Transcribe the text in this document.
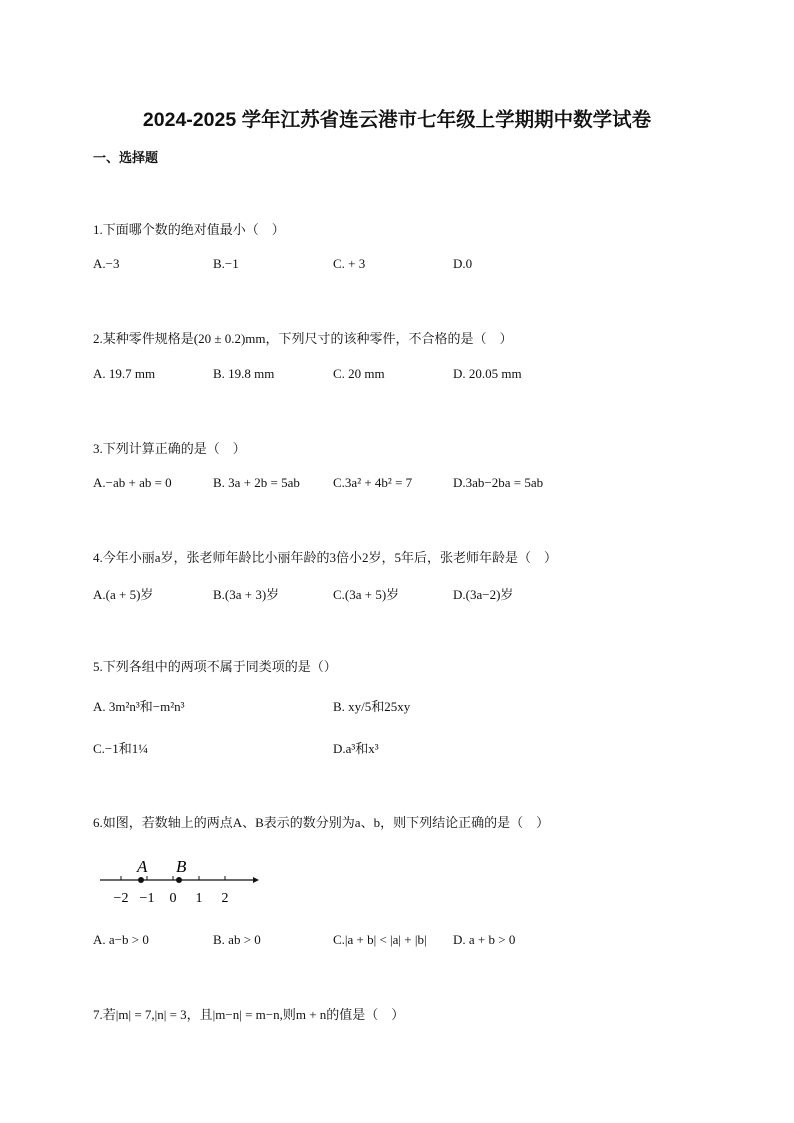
2024-2025 学年江苏省连云港市七年级上学期期中数学试卷
一、选择题
1.下面哪个数的绝对值最小（　）
A.−3	B.−1	C. + 3	D.0
2.某种零件规格是(20 ± 0.2)mm，下列尺寸的该种零件，不合格的是（　）
A. 19.7 mm	B. 19.8 mm	C. 20 mm	D. 20.05 mm
3.下列计算正确的是（　）
A.−ab + ab = 0	B. 3a + 2b = 5ab	C.3a² + 4b² = 7	D.3ab−2ba = 5ab
4.今年小丽a岁，张老师年龄比小丽年龄的3倍小2岁，5年后，张老师年龄是（　）
A.(a + 5)岁	B.(3a + 3)岁	C.(3a + 5)岁	D.(3a−2)岁
5.下列各组中的两项不属于同类项的是（）
A. 3m²n³和−m²n³	B. xy/5和25xy
C.−1和1¼	D.a³和x³
6.如图，若数轴上的两点A、B表示的数分别为a、b，则下列结论正确的是（　）
A B
−2 −1 0 1 2
A. a−b > 0	B. ab > 0	C.|a + b| < |a| + |b| D. a + b > 0
7.若|m| = 7,|n| = 3，且|m−n| = m−n,则m + n的值是（　）
